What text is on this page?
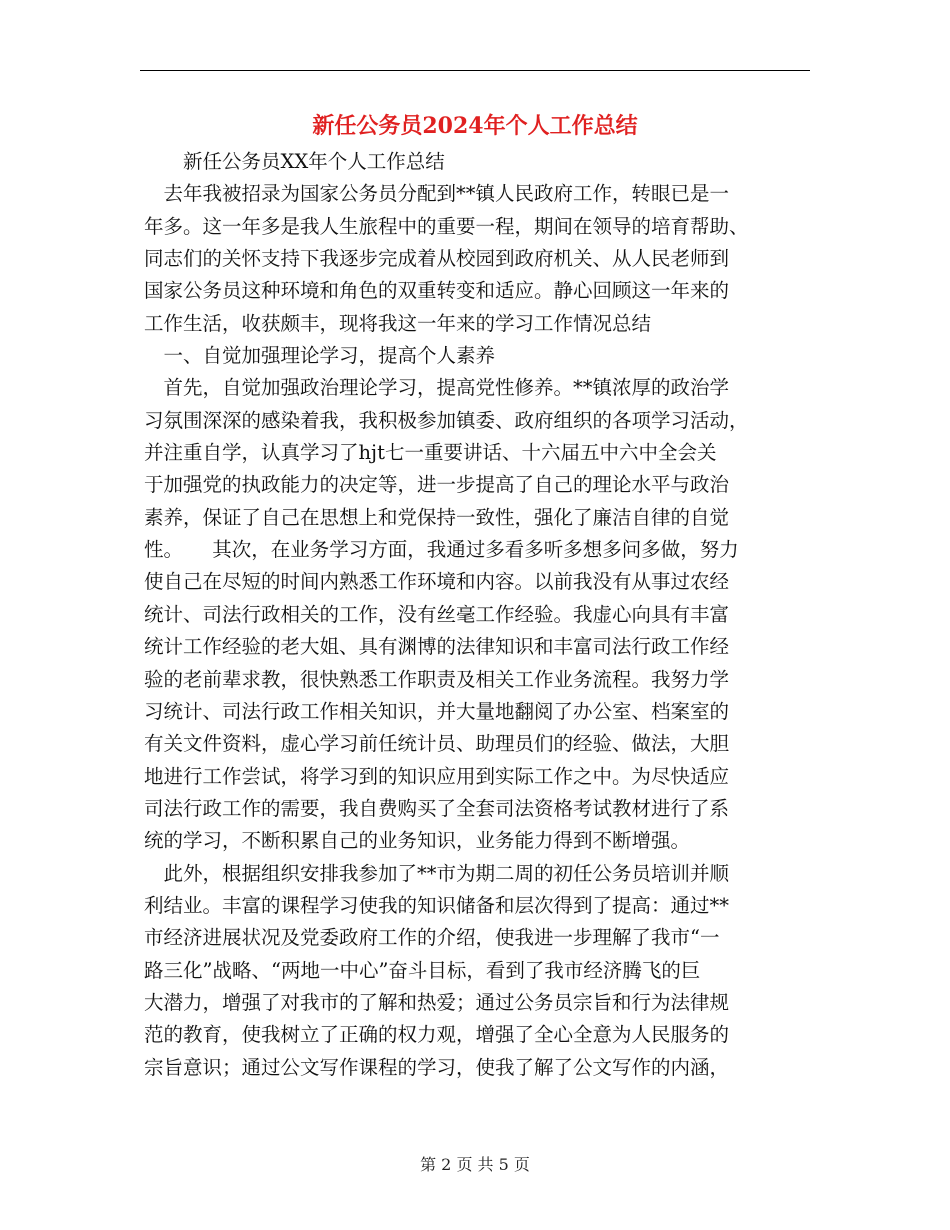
新任公务员2024年个人工作总结
　　新任公务员XX年个人工作总结
　去年我被招录为国家公务员分配到**镇人民政府工作，转眼已是一
年多。这一年多是我人生旅程中的重要一程，期间在领导的培育帮助、
同志们的关怀支持下我逐步完成着从校园到政府机关、从人民老师到
国家公务员这种环境和角色的双重转变和适应。静心回顾这一年来的
工作生活，收获颇丰，现将我这一年来的学习工作情况总结
　一、自觉加强理论学习，提高个人素养
　首先，自觉加强政治理论学习，提高党性修养。**镇浓厚的政治学
习氛围深深的感染着我，我积极参加镇委、政府组织的各项学习活动，
并注重自学，认真学习了hjt七一重要讲话、十六届五中六中全会关
于加强党的执政能力的决定等，进一步提高了自己的理论水平与政治
素养，保证了自己在思想上和党保持一致性，强化了廉洁自律的自觉
性。　　其次，在业务学习方面，我通过多看多听多想多问多做，努力
使自己在尽短的时间内熟悉工作环境和内容。以前我没有从事过农经
统计、司法行政相关的工作，没有丝毫工作经验。我虚心向具有丰富
统计工作经验的老大姐、具有渊博的法律知识和丰富司法行政工作经
验的老前辈求教，很快熟悉工作职责及相关工作业务流程。我努力学
习统计、司法行政工作相关知识，并大量地翻阅了办公室、档案室的
有关文件资料，虚心学习前任统计员、助理员们的经验、做法，大胆
地进行工作尝试，将学习到的知识应用到实际工作之中。为尽快适应
司法行政工作的需要，我自费购买了全套司法资格考试教材进行了系
统的学习，不断积累自己的业务知识，业务能力得到不断增强。
　此外，根据组织安排我参加了**市为期二周的初任公务员培训并顺
利结业。丰富的课程学习使我的知识储备和层次得到了提高：通过**
市经济进展状况及党委政府工作的介绍，使我进一步理解了我市“一
路三化”战略、“两地一中心”奋斗目标，看到了我市经济腾飞的巨
大潜力，增强了对我市的了解和热爱；通过公务员宗旨和行为法律规
范的教育，使我树立了正确的权力观，增强了全心全意为人民服务的
宗旨意识；通过公文写作课程的学习，使我了解了公文写作的内涵，
第 2 页 共 5 页
